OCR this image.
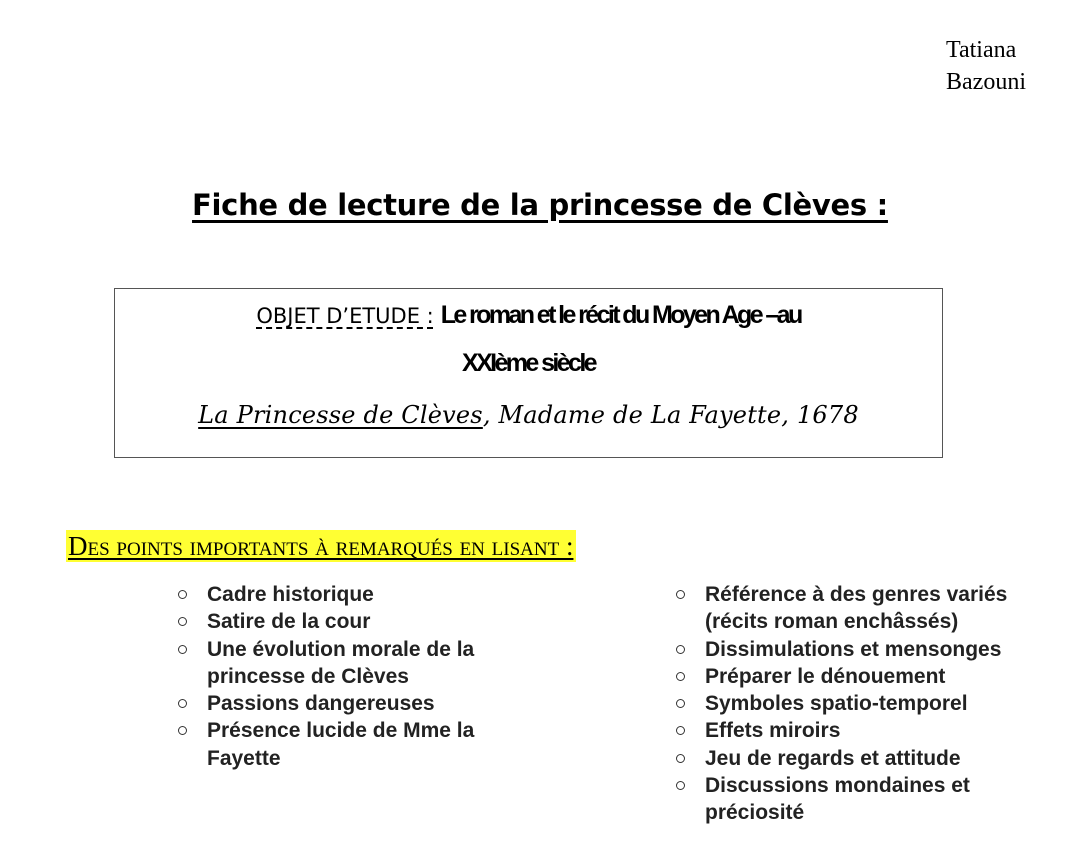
Tatiana
Bazouni
Fiche de lecture de la princesse de Clèves :
OBJET D’ETUDE : Le roman et le récit du Moyen Age –au
XXIème siècle
La Princesse de Clèves, Madame de La Fayette, 1678
Des points importants à remarqués en lisant :
Cadre historique
Satire de la cour
Une évolution morale de la princesse de Clèves
Passions dangereuses
Présence lucide de Mme la Fayette
Référence à des genres variés (récits roman enchâssés)
Dissimulations et mensonges
Préparer le dénouement
Symboles spatio-temporel
Effets miroirs
Jeu de regards et attitude
Discussions mondaines et préciosité
